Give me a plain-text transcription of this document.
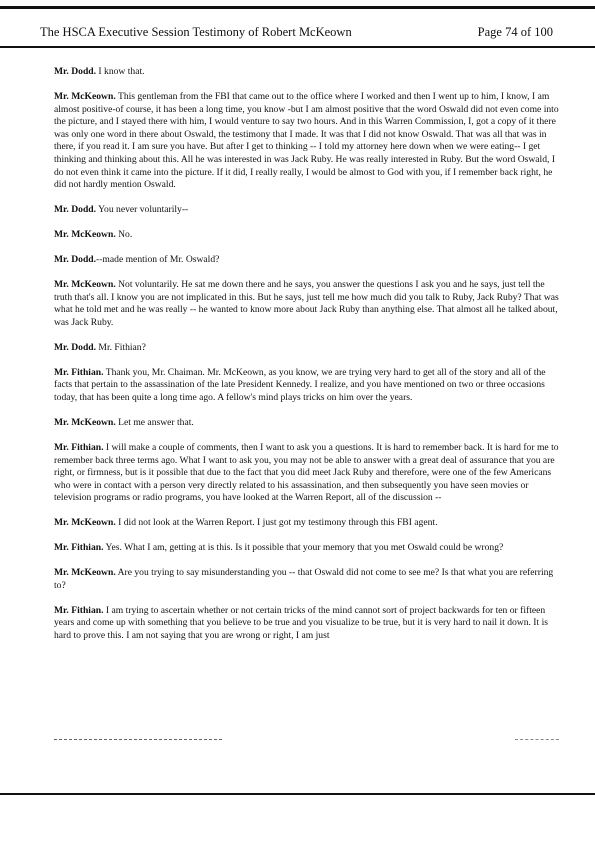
The HSCA Executive Session Testimony of Robert McKeown	Page 74 of 100

Mr. Dodd. I know that.

Mr. McKeown. This gentleman from the FBI that came out to the office where I worked and then I went up to him, I know, I am almost positive-of course, it has been a long time, you know -but I am almost positive that the word Oswald did not even come into the picture, and I stayed there with him, I would venture to say two hours. And in this Warren Commission, I, got a copy of it there was only one word in there about Oswald, the testimony that I made. It was that I did not know Oswald. That was all that was in there, if you read it. I am sure you have. But after I get to thinking -- I told my attorney here down when we were eating-- I get thinking and thinking about this. All he was interested in was Jack Ruby. He was really interested in Ruby. But the word Oswald, I do not even think it came into the picture. If it did, I really really, I would be almost to God with you, if I remember back right, he did not hardly mention Oswald.

Mr. Dodd. You never voluntarily--

Mr. McKeown. No.

Mr. Dodd.--made mention of Mr. Oswald?

Mr. McKeown. Not voluntarily. He sat me down there and he says, you answer the questions I ask you and he says, just tell the truth that's all. I know you are not implicated in this. But he says, just tell me how much did you talk to Ruby, Jack Ruby? That was what he told met and he was really -- he wanted to know more about Jack Ruby than anything else. That almost all he talked about, was Jack Ruby.

Mr. Dodd. Mr. Fithian?

Mr. Fithian. Thank you, Mr. Chaiman. Mr. McKeown, as you know, we are trying very hard to get all of the story and all of the facts that pertain to the assassination of the late President Kennedy. I realize, and you have mentioned on two or three occasions today, that has been quite a long time ago. A fellow's mind plays tricks on him over the years.

Mr. McKeown. Let me answer that.

Mr. Fithian. I will make a couple of comments, then I want to ask you a questions. It is hard to remember back. It is hard for me to remember back three terms ago. What I want to ask you, you may not be able to answer with a great deal of assurance that you are right, or firmness, but is it possible that due to the fact that you did meet Jack Ruby and therefore, were one of the few Americans who were in contact with a person very directly related to his assassination, and then subsequently you have seen movies or television programs or radio programs, you have looked at the Warren Report, all of the discussion --

Mr. McKeown. I did not look at the Warren Report. I just got my testimony through this FBI agent.

Mr. Fithian. Yes. What I am, getting at is this. Is it possible that your memory that you met Oswald could be wrong?

Mr. McKeown. Are you trying to say misunderstanding you -- that Oswald did not come to see me? Is that what you are referring to?

Mr. Fithian. I am trying to ascertain whether or not certain tricks of the mind cannot sort of project backwards for ten or fifteen years and come up with something that you believe to be true and you visualize to be true, but it is very hard to nail it down. It is hard to prove this. I am not saying that you are wrong or right, I am just
